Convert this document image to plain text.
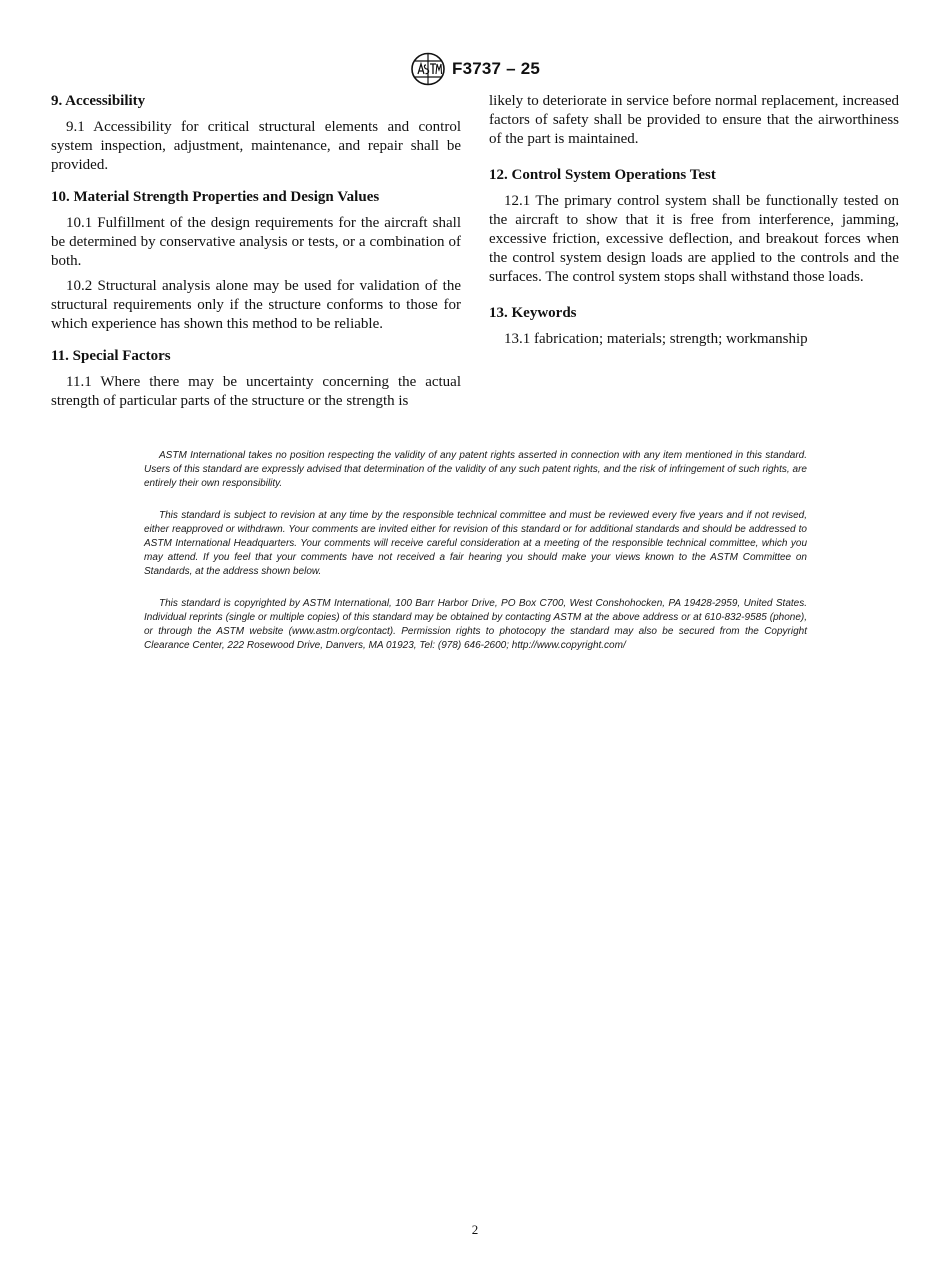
F3737 – 25
9. Accessibility

9.1 Accessibility for critical structural elements and control system inspection, adjustment, maintenance, and repair shall be provided.

10. Material Strength Properties and Design Values

10.1 Fulfillment of the design requirements for the aircraft shall be determined by conservative analysis or tests, or a combination of both.

10.2 Structural analysis alone may be used for validation of the structural requirements only if the structure conforms to those for which experience has shown this method to be reliable.

11. Special Factors

11.1 Where there may be uncertainty concerning the actual strength of particular parts of the structure or the strength is

likely to deteriorate in service before normal replacement, increased factors of safety shall be provided to ensure that the airworthiness of the part is maintained.

12. Control System Operations Test

12.1 The primary control system shall be functionally tested on the aircraft to show that it is free from interference, jamming, excessive friction, excessive deflection, and breakout forces when the control system design loads are applied to the controls and the surfaces. The control system stops shall withstand those loads.

13. Keywords

13.1 fabrication; materials; strength; workmanship

ASTM International takes no position respecting the validity of any patent rights asserted in connection with any item mentioned in this standard. Users of this standard are expressly advised that determination of the validity of any such patent rights, and the risk of infringement of such rights, are entirely their own responsibility.

This standard is subject to revision at any time by the responsible technical committee and must be reviewed every five years and if not revised, either reapproved or withdrawn. Your comments are invited either for revision of this standard or for additional standards and should be addressed to ASTM International Headquarters. Your comments will receive careful consideration at a meeting of the responsible technical committee, which you may attend. If you feel that your comments have not received a fair hearing you should make your views known to the ASTM Committee on Standards, at the address shown below.

This standard is copyrighted by ASTM International, 100 Barr Harbor Drive, PO Box C700, West Conshohocken, PA 19428-2959, United States. Individual reprints (single or multiple copies) of this standard may be obtained by contacting ASTM at the above address or at 610-832-9585 (phone), or through the ASTM website (www.astm.org/contact). Permission rights to photocopy the standard may also be secured from the Copyright Clearance Center, 222 Rosewood Drive, Danvers, MA 01923, Tel: (978) 646-2600; http://www.copyright.com/

2
